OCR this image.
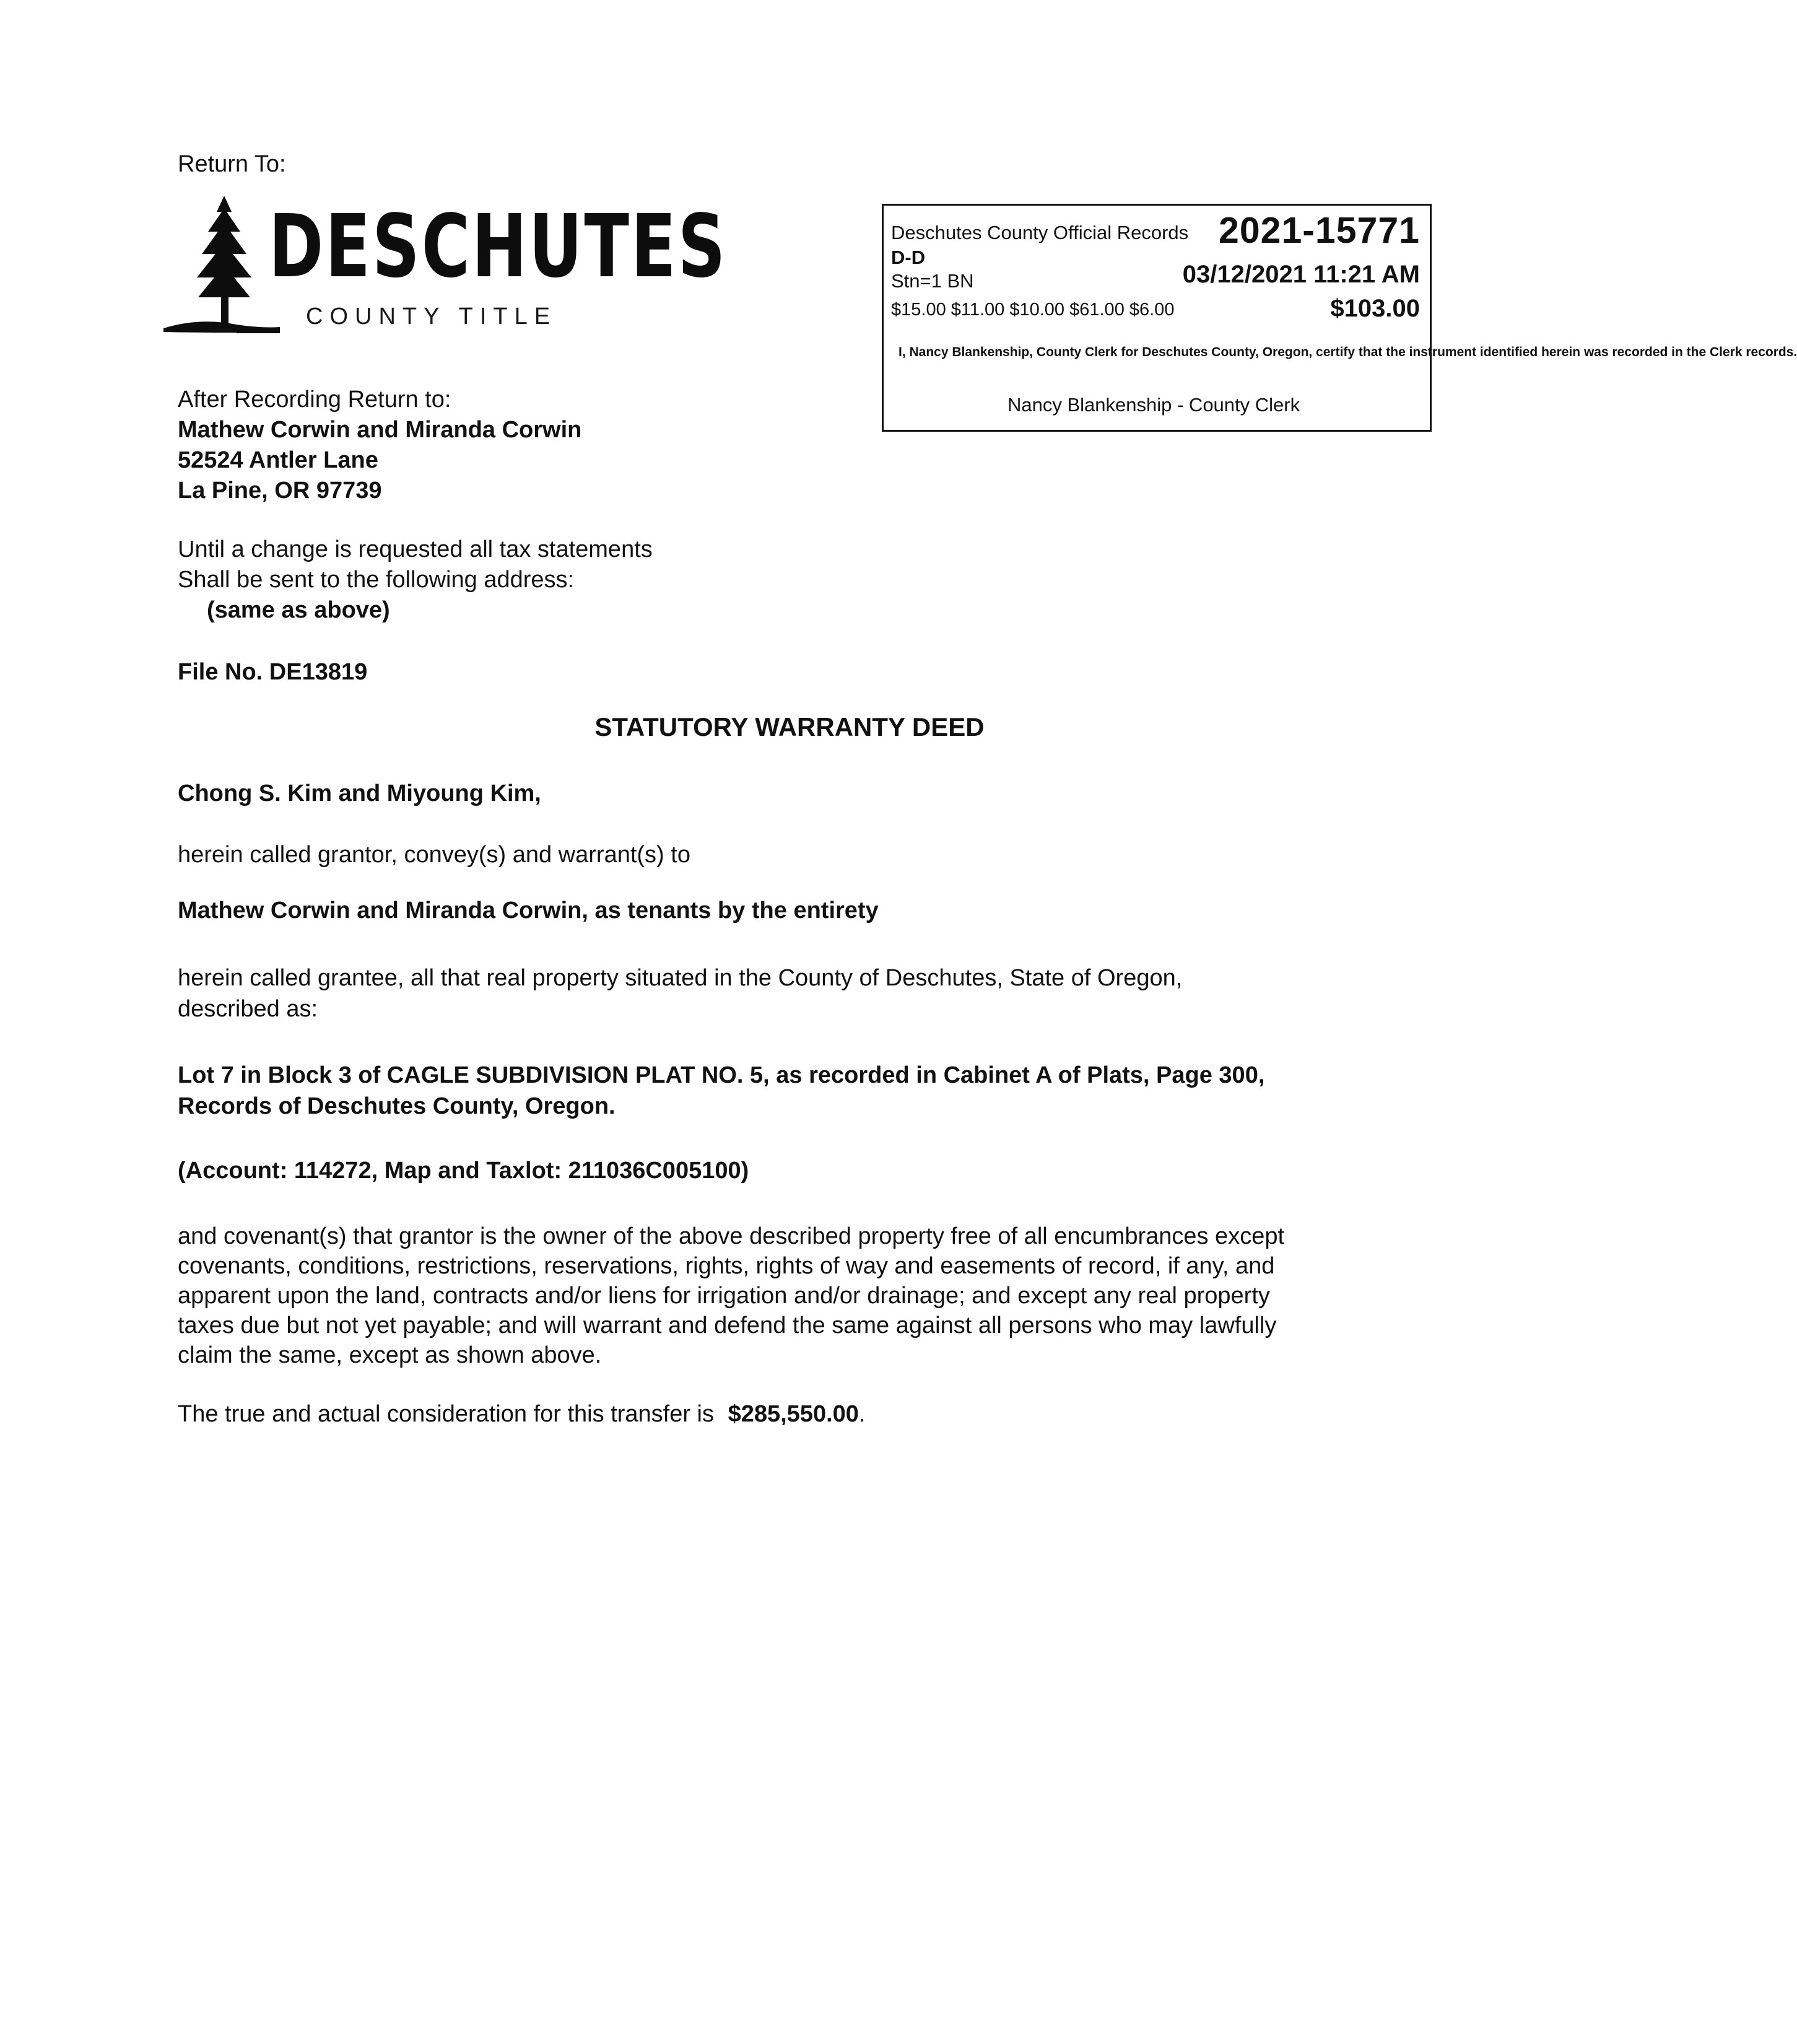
Return To:
DESCHUTES
COUNTY TITLE
Deschutes County Official Records 2021-15771
D-D
Stn=1 BN	03/12/2021 11:21 AM
$15.00 $11.00 $10.00 $61.00 $6.00	$103.00
I, Nancy Blankenship, County Clerk for Deschutes County, Oregon, certify that the instrument identified herein was recorded in the Clerk records.
Nancy Blankenship - County Clerk
After Recording Return to:
Mathew Corwin and Miranda Corwin
52524 Antler Lane
La Pine, OR 97739
Until a change is requested all tax statements
Shall be sent to the following address:
(same as above)
File No. DE13819
STATUTORY WARRANTY DEED
Chong S. Kim and Miyoung Kim,
herein called grantor, convey(s) and warrant(s) to
Mathew Corwin and Miranda Corwin, as tenants by the entirety
herein called grantee, all that real property situated in the County of Deschutes, State of Oregon,
described as:
Lot 7 in Block 3 of CAGLE SUBDIVISION PLAT NO. 5, as recorded in Cabinet A of Plats, Page 300,
Records of Deschutes County, Oregon.
(Account: 114272, Map and Taxlot: 211036C005100)
and covenant(s) that grantor is the owner of the above described property free of all encumbrances except
covenants, conditions, restrictions, reservations, rights, rights of way and easements of record, if any, and
apparent upon the land, contracts and/or liens for irrigation and/or drainage; and except any real property
taxes due but not yet payable; and will warrant and defend the same against all persons who may lawfully
claim the same, except as shown above.
The true and actual consideration for this transfer is $285,550.00.
